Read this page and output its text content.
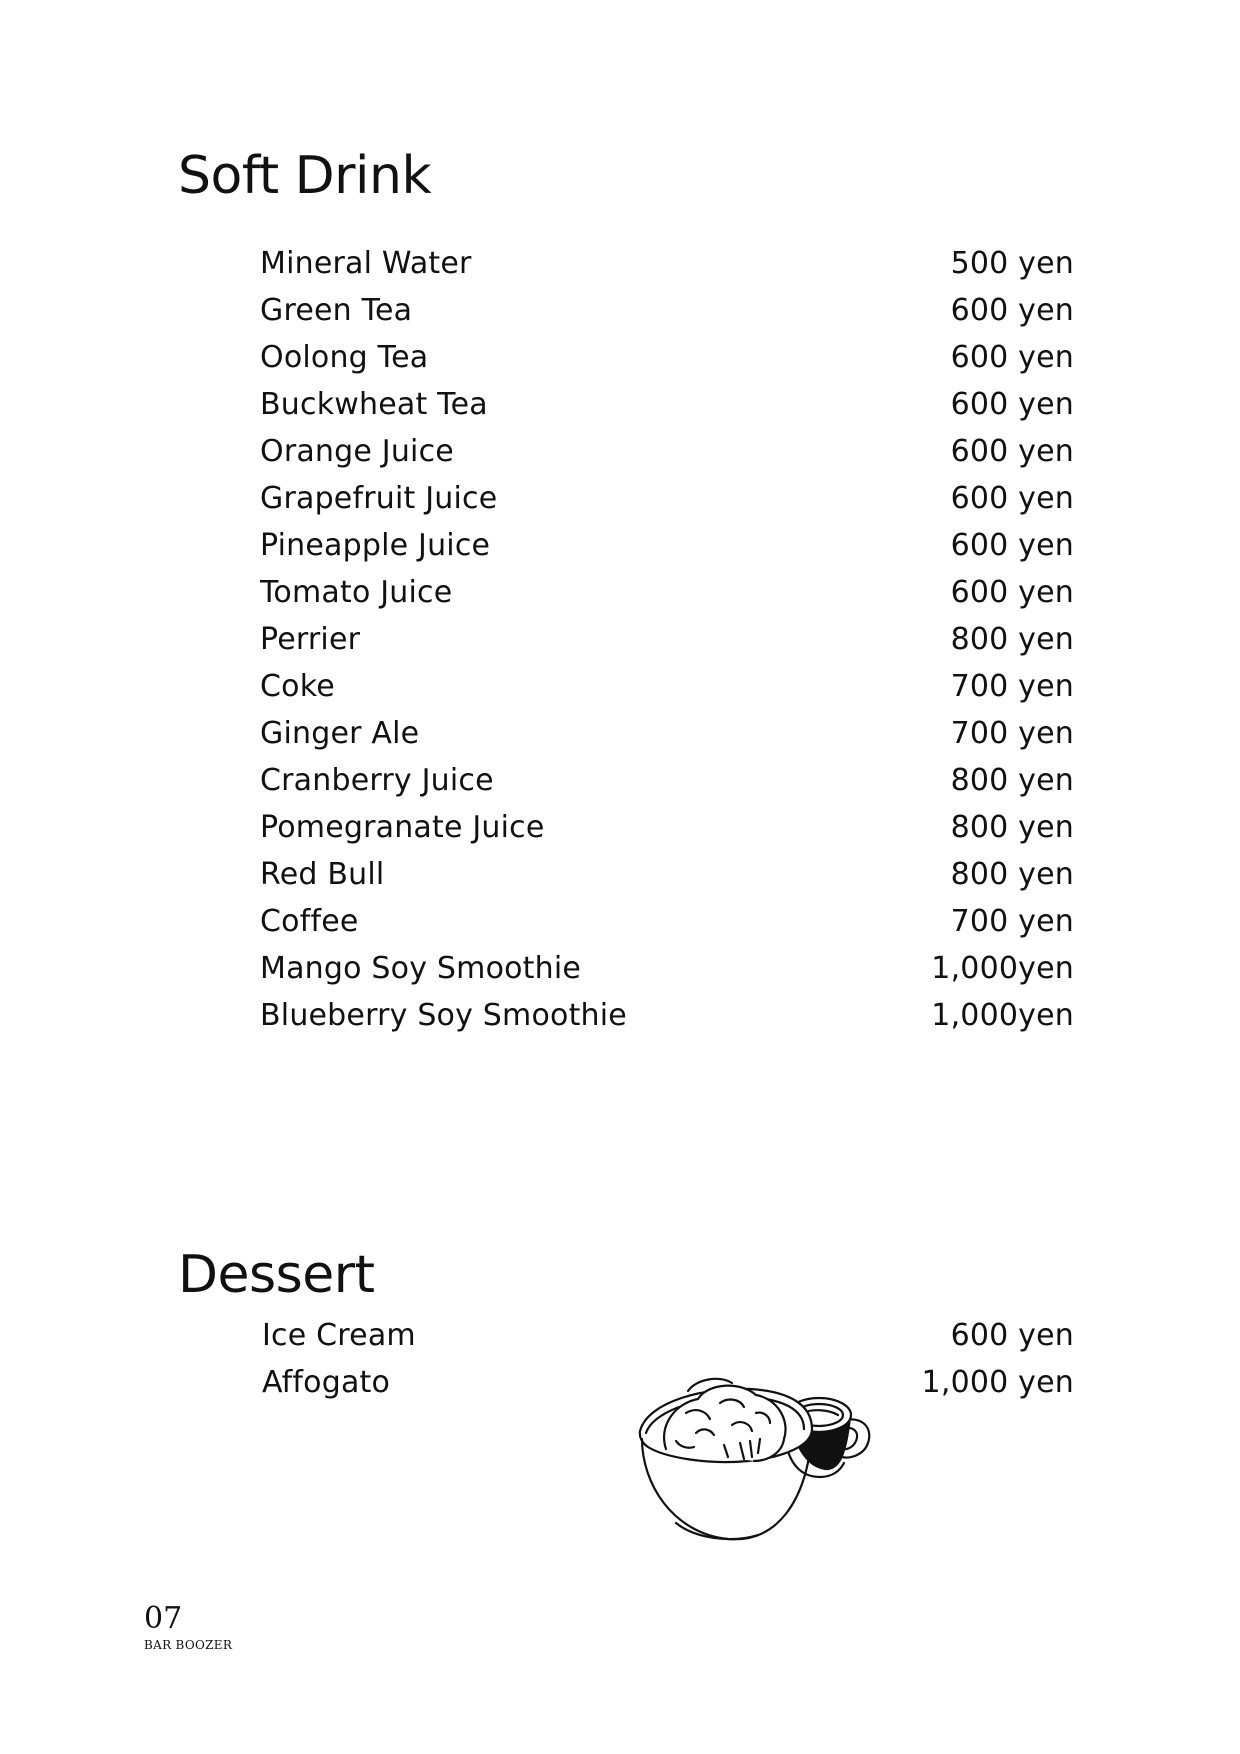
Soft Drink
Mineral Water	500 yen
Green Tea	600 yen
Oolong Tea	600 yen
Buckwheat Tea	600 yen
Orange Juice	600 yen
Grapefruit Juice	600 yen
Pineapple Juice	600 yen
Tomato Juice	600 yen
Perrier	800 yen
Coke	700 yen
Ginger Ale	700 yen
Cranberry Juice	800 yen
Pomegranate Juice	800 yen
Red Bull	800 yen
Coffee	700 yen
Mango Soy Smoothie	1,000yen
Blueberry Soy Smoothie	1,000yen
Dessert
Ice Cream	600 yen
Affogato	1,000 yen

07

BAR BOOZER
